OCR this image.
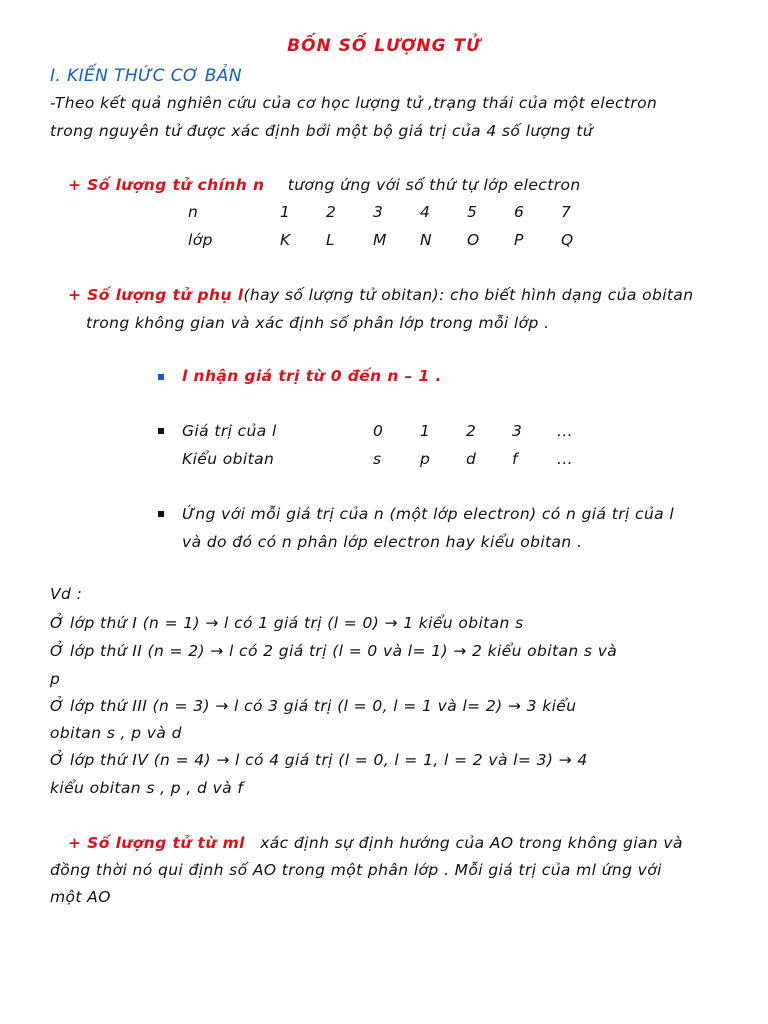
BỐN SỐ LƯỢNG TỬ
I. KIẾN THỨC CƠ BẢN
-Theo kết quả nghiên cứu của cơ học lượng tử ,trạng thái của một electron
trong nguyên tử được xác định bởi một bộ giá trị của 4 số lượng tử
+ Số lượng tử chính n tương ứng với số thứ tự lớp electron
n	1 2 3 4 5 6 7
lớp	K L M N O P Q
+ Số lượng tử phụ l(hay số lượng tử obitan): cho biết hình dạng của obitan
trong không gian và xác định số phân lớp trong mỗi lớp .
l nhận giá trị từ 0 đến n – 1 .
Giá trị của l	0 1 2 3 ...
Kiểu obitan	s p d f	...
Ứng với mỗi giá trị của n (một lớp electron) có n giá trị của l
và do đó có n phân lớp electron hay kiểu obitan .
Vd :
Ở lớp thứ I (n = 1) → l có 1 giá trị (l = 0) → 1 kiểu obitan s
Ở lớp thứ II (n = 2) → l có 2 giá trị (l = 0 và l= 1) → 2 kiểu obitan s và
p
Ở lớp thứ III (n = 3) → l có 3 giá trị (l = 0, l = 1 và l= 2) → 3 kiểu
obitan s , p và d
Ở lớp thứ IV (n = 4) → l có 4 giá trị (l = 0, l = 1, l = 2 và l= 3) → 4
kiểu obitan s , p , d và f
+ Số lượng tử từ ml xác định sự định hướng của AO trong không gian và
đồng thời nó qui định số AO trong một phân lớp . Mỗi giá trị của ml ứng với
một AO
